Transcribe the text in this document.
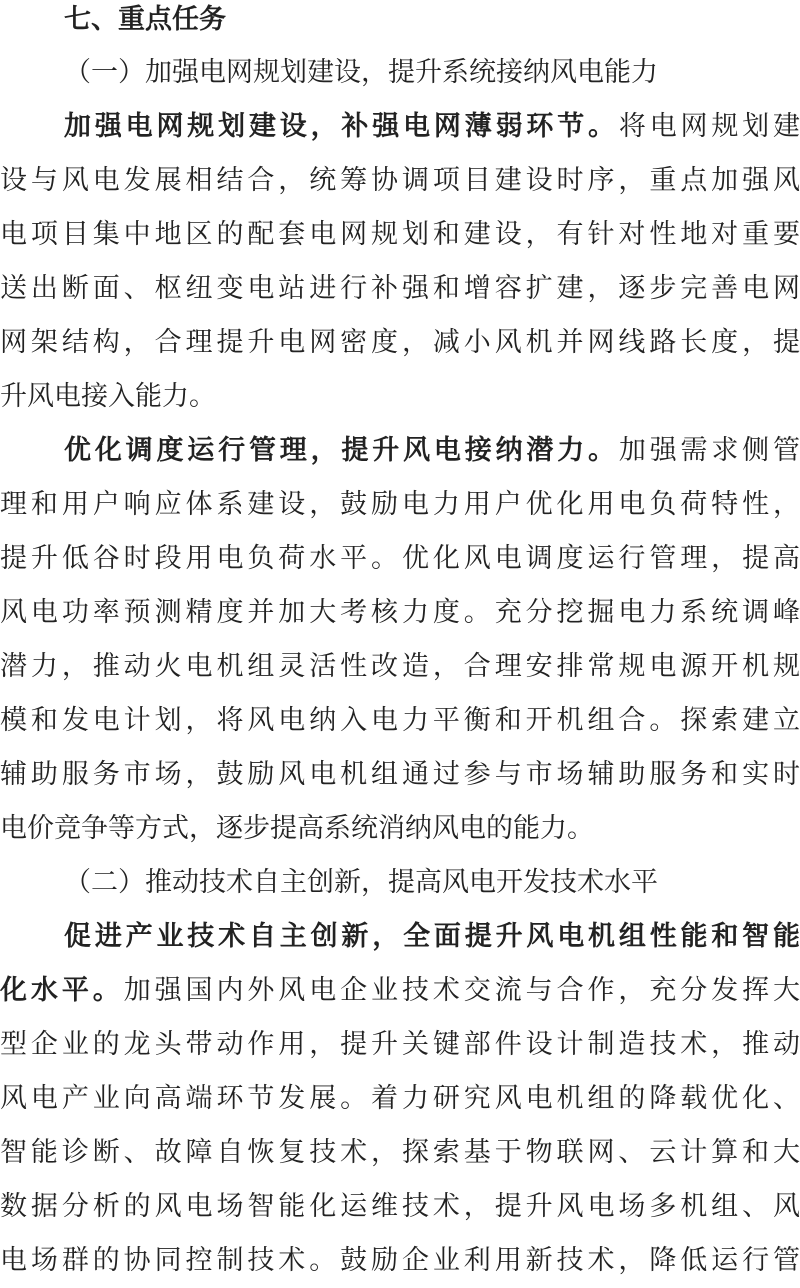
七、重点任务
（一）加强电网规划建设，提升系统接纳风电能力
加强电网规划建设，补强电网薄弱环节。将电网规划建
设与风电发展相结合，统筹协调项目建设时序，重点加强风
电项目集中地区的配套电网规划和建设，有针对性地对重要
送出断面、枢纽变电站进行补强和增容扩建，逐步完善电网
网架结构，合理提升电网密度，减小风机并网线路长度，提
升风电接入能力。
优化调度运行管理，提升风电接纳潜力。加强需求侧管
理和用户响应体系建设，鼓励电力用户优化用电负荷特性，
提升低谷时段用电负荷水平。优化风电调度运行管理，提高
风电功率预测精度并加大考核力度。充分挖掘电力系统调峰
潜力，推动火电机组灵活性改造，合理安排常规电源开机规
模和发电计划，将风电纳入电力平衡和开机组合。探索建立
辅助服务市场，鼓励风电机组通过参与市场辅助服务和实时
电价竞争等方式，逐步提高系统消纳风电的能力。
（二）推动技术自主创新，提高风电开发技术水平
促进产业技术自主创新，全面提升风电机组性能和智能
化水平。加强国内外风电企业技术交流与合作，充分发挥大
型企业的龙头带动作用，提升关键部件设计制造技术，推动
风电产业向高端环节发展。着力研究风电机组的降载优化、
智能诊断、故障自恢复技术，探索基于物联网、云计算和大
数据分析的风电场智能化运维技术，提升风电场多机组、风
电场群的协同控制技术。鼓励企业利用新技术，降低运行管
